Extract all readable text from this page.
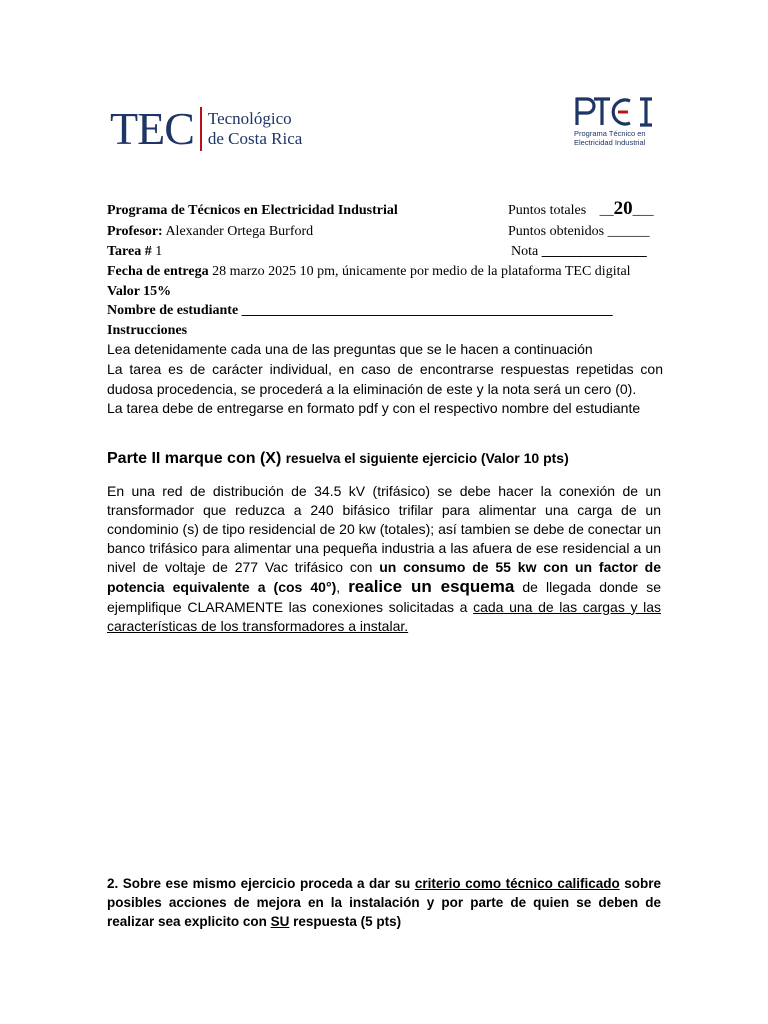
TEC Tecnológico
de Costa Rica	Programa Técnico en
Electricidad Industrial
Programa de Técnicos en Electricidad Industrial	Puntos totales __20___
Profesor: Alexander Ortega Burford	Puntos obtenidos ______
Tarea # 1	Nota _______________
Fecha de entrega 28 marzo 2025 10 pm, únicamente por medio de la plataforma TEC digital
Valor 15%
Nombre de estudiante _____________________________________________________
Instrucciones
Lea detenidamente cada una de las preguntas que se le hacen a continuación
La tarea es de carácter individual, en caso de encontrarse respuestas repetidas con dudosa procedencia, se procederá a la eliminación de este y la nota será un cero (0).
La tarea debe de entregarse en formato pdf y con el respectivo nombre del estudiante
Parte II marque con (X) resuelva el siguiente ejercicio (Valor 10 pts)
En una red de distribución de 34.5 kV (trifásico) se debe hacer la conexión de un transformador que reduzca a 240 bifásico trifilar para alimentar una carga de un condominio (s) de tipo residencial de 20 kw (totales); así tambien se debe de conectar un banco trifásico para alimentar una pequeña industria a las afuera de ese residencial a un nivel de voltaje de 277 Vac trifásico con un consumo de 55 kw con un factor de potencia equivalente a (cos 40°), realice un esquema de llegada donde se ejemplifique CLARAMENTE las conexiones solicitadas a cada una de las cargas y las características de los transformadores a instalar.
2. Sobre ese mismo ejercicio proceda a dar su criterio como técnico calificado sobre posibles acciones de mejora en la instalación y por parte de quien se deben de realizar sea explicito con SU respuesta (5 pts)
